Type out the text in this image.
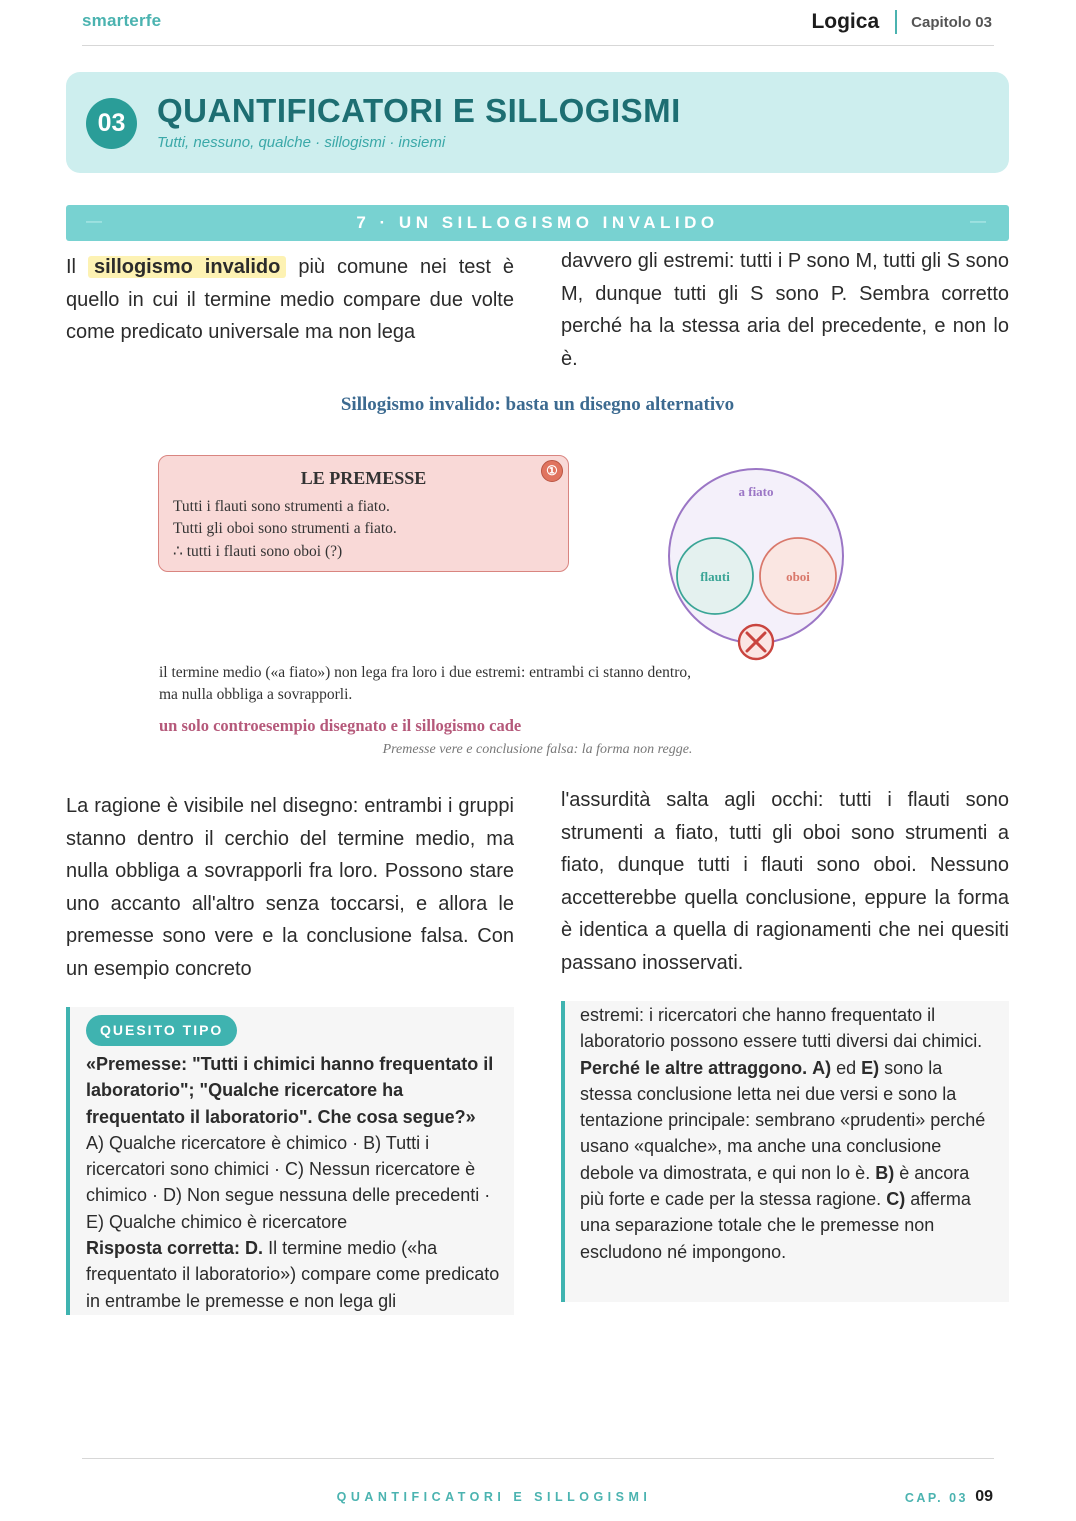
smarterfe	Logica Capitolo 03
03 QUANTIFICATORI E SILLOGISMI
Tutti, nessuno, qualche · sillogismi · insiemi
—	—
7 · UN SILLOGISMO INVALIDO
Il sillogismo invalido più comune nei test è quello in cui il termine medio compare due volte come predicato universale ma non lega
davvero gli estremi: tutti i P sono M, tutti gli S sono M, dunque tutti gli S sono P. Sembra corretto perché ha la stessa aria del precedente, e non lo è.
Sillogismo invalido: basta un disegno alternativo
LE PREMESSE	①
Tutti i flauti sono strumenti a fiato.
Tutti gli oboi sono strumenti a fiato.
∴ tutti i flauti sono oboi (?)
a fiato
flauti	oboi
il termine medio («a fiato») non lega fra loro i due estremi: entrambi ci stanno dentro, ma nulla obbliga a sovrapporli.
un solo controesempio disegnato e il sillogismo cade
Premesse vere e conclusione falsa: la forma non regge.
La ragione è visibile nel disegno: entrambi i gruppi stanno dentro il cerchio del termine medio, ma nulla obbliga a sovrapporli fra loro. Possono stare uno accanto all'altro senza toccarsi, e allora le premesse sono vere e la conclusione falsa. Con un esempio concreto
l'assurdità salta agli occhi: tutti i flauti sono strumenti a fiato, tutti gli oboi sono strumenti a fiato, dunque tutti i flauti sono oboi. Nessuno accetterebbe quella conclusione, eppure la forma è identica a quella di ragionamenti che nei quesiti passano inosservati.
QUESITO TIPO
«Premesse: "Tutti i chimici hanno frequentato il laboratorio"; "Qualche ricercatore ha frequentato il laboratorio". Che cosa segue?»
A) Qualche ricercatore è chimico · B) Tutti i ricercatori sono chimici · C) Nessun ricercatore è chimico · D) Non segue nessuna delle precedenti · E) Qualche chimico è ricercatore
Risposta corretta: D. Il termine medio («ha frequentato il laboratorio») compare come predicato in entrambe le premesse e non lega gli
estremi: i ricercatori che hanno frequentato il laboratorio possono essere tutti diversi dai chimici.
Perché le altre attraggono. A) ed E) sono la stessa conclusione letta nei due versi e sono la tentazione principale: sembrano «prudenti» perché usano «qualche», ma anche una conclusione debole va dimostrata, e qui non lo è. B) è ancora più forte e cade per la stessa ragione. C) afferma una separazione totale che le premesse non escludono né impongono.
QUANTIFICATORI E SILLOGISMI	CAP. 03 09
